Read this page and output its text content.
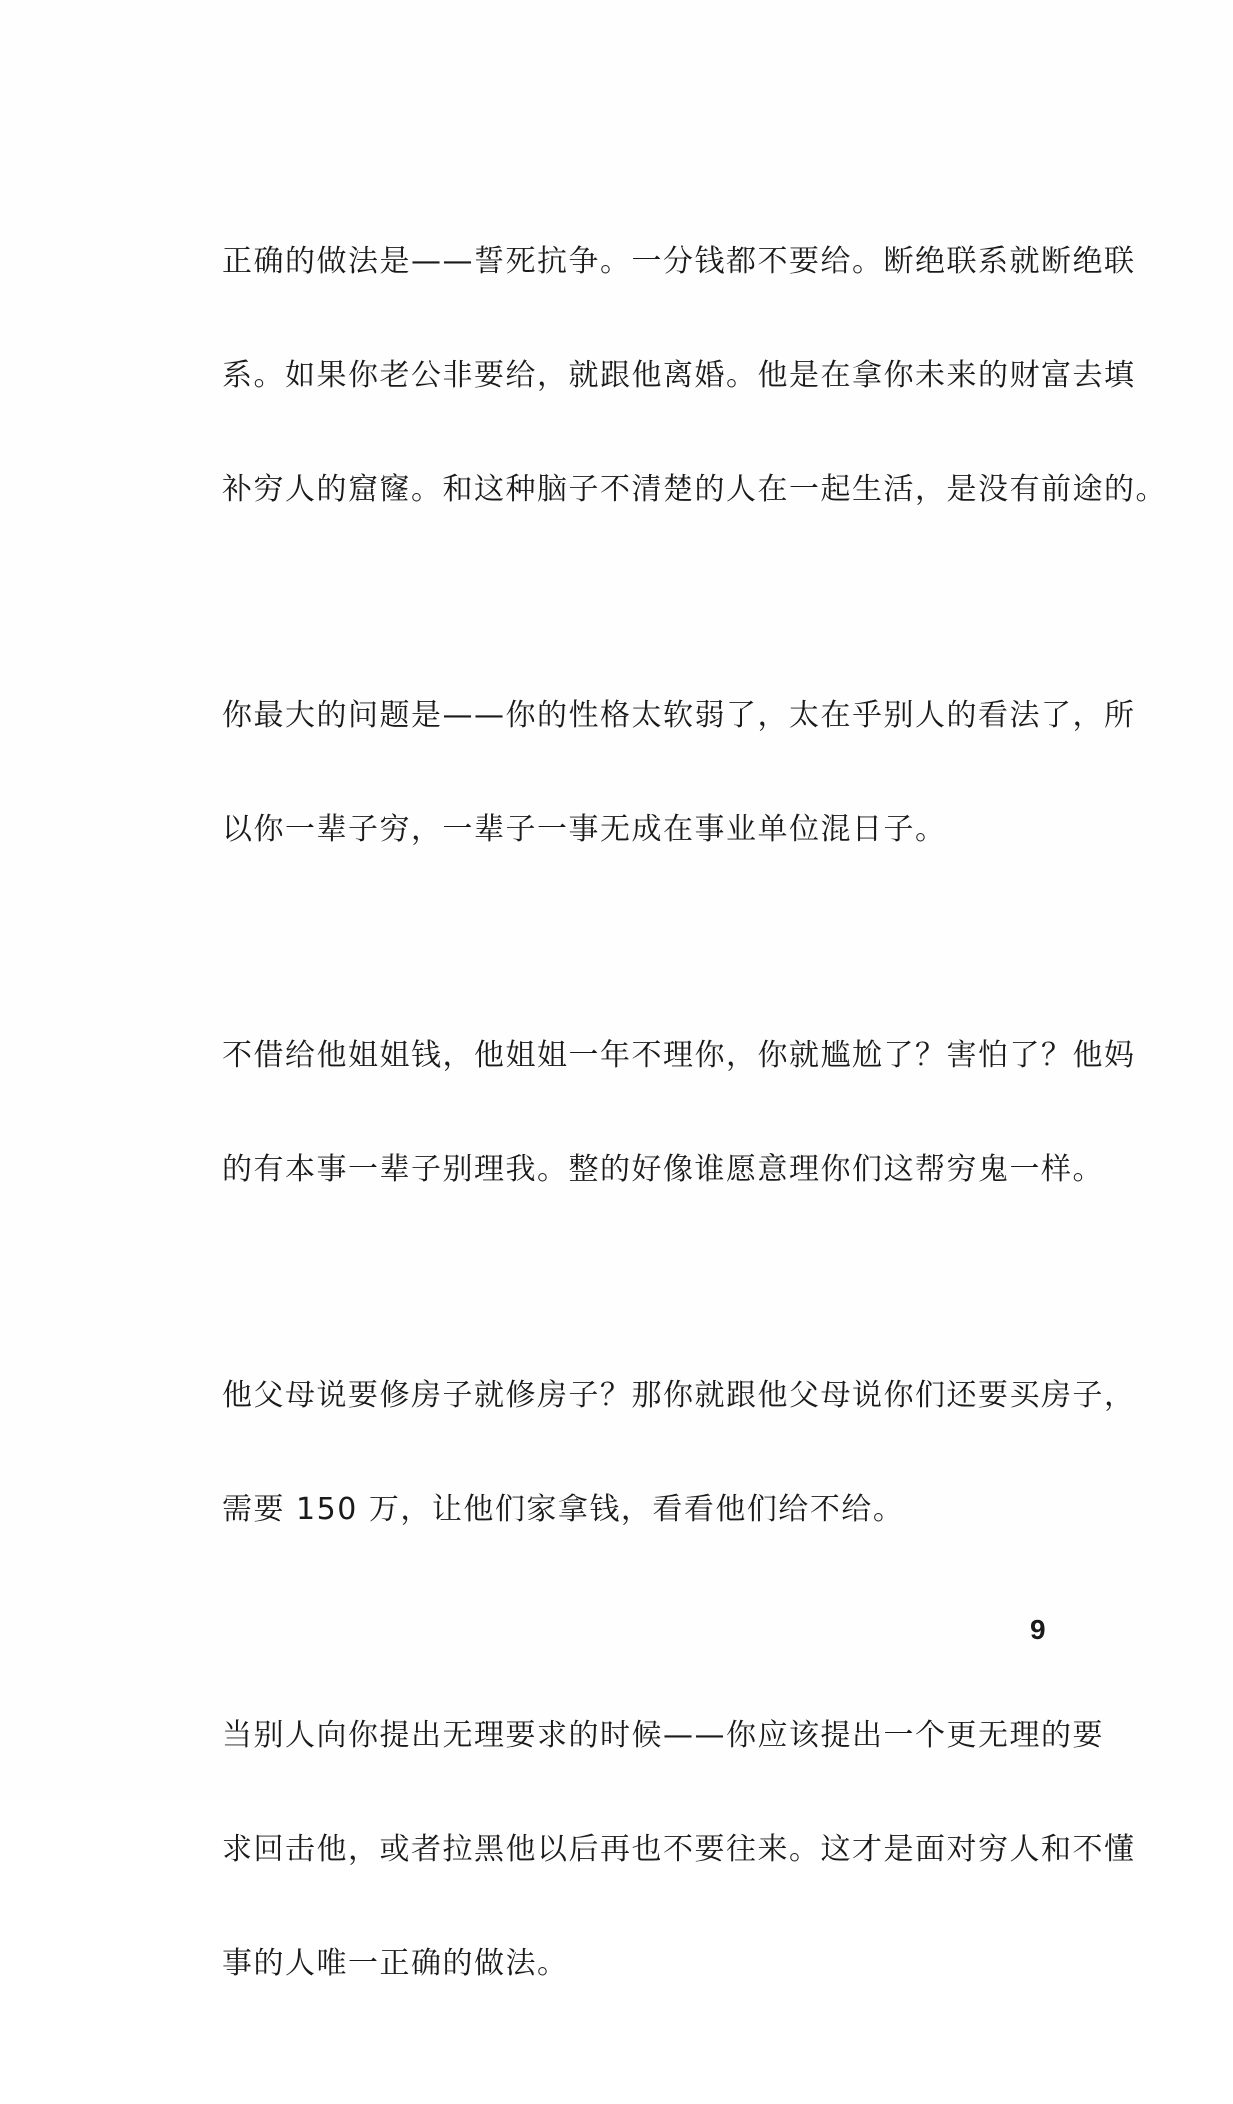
正确的做法是——誓死抗争。一分钱都不要给。断绝联系就断绝联

系。如果你老公非要给，就跟他离婚。他是在拿你未来的财富去填

补穷人的窟窿。和这种脑子不清楚的人在一起生活，是没有前途的。

你最大的问题是——你的性格太软弱了，太在乎别人的看法了，所

以你一辈子穷，一辈子一事无成在事业单位混日子。

不借给他姐姐钱，他姐姐一年不理你，你就尴尬了？害怕了？他妈

的有本事一辈子别理我。整的好像谁愿意理你们这帮穷鬼一样。

他父母说要修房子就修房子？那你就跟他父母说你们还要买房子，

需要 150 万，让他们家拿钱，看看他们给不给。

当别人向你提出无理要求的时候——你应该提出一个更无理的要

求回击他，或者拉黑他以后再也不要往来。这才是面对穷人和不懂

事的人唯一正确的做法。

9
